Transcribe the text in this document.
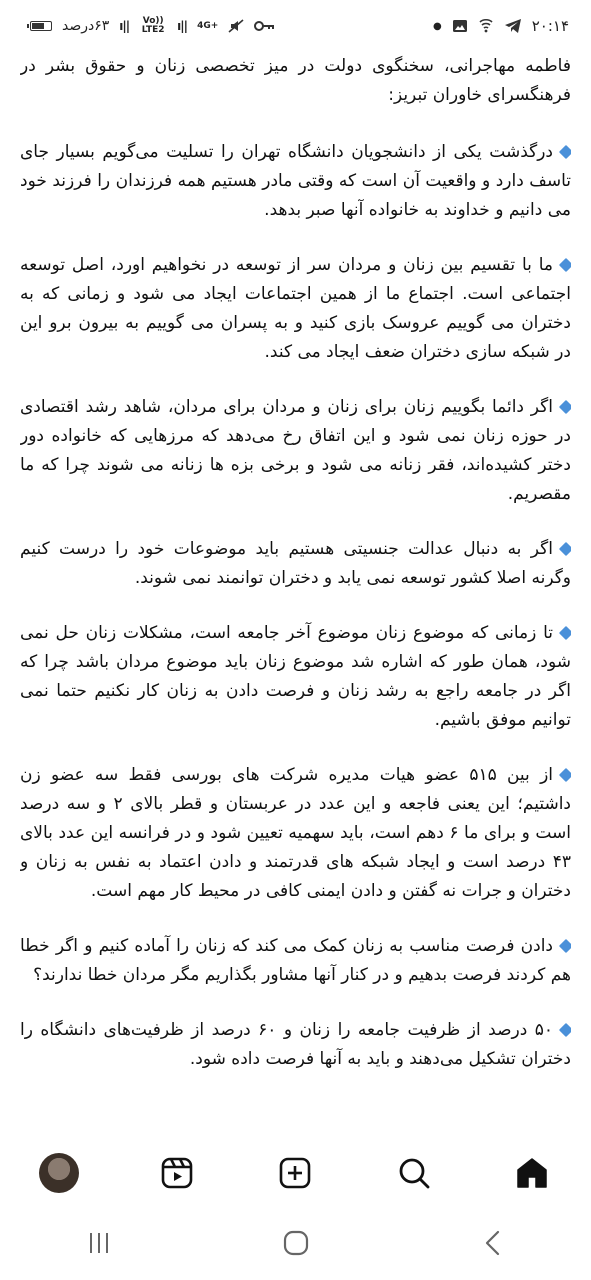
۶۳درصد ı||	Vo)) LTE2 ı|| 4G+	●	۲۰:۱۴

فاطمه مهاجرانی، سخنگوی دولت در میز تخصصی زنان و حقوق بشر در فرهنگسرای خاوران تبریز:

درگذشت یکی از دانشجویان دانشگاه تهران را تسلیت می‌گویم بسیار جای تاسف دارد و واقعیت آن است که وقتی مادر هستیم همه فرزندان را فرزند خود می دانیم و خداوند به خانواده آنها صبر بدهد.

ما با تقسیم بین زنان و مردان سر از توسعه در نخواهیم اورد، اصل توسعه اجتماعی است. اجتماع ما از همین اجتماعات ایجاد می شود و زمانی که به دختران می گوییم عروسک بازی کنید و به پسران می گوییم به بیرون برو این در شبکه سازی دختران ضعف ایجاد می کند.

اگر دائما بگوییم زنان برای زنان و مردان برای مردان، شاهد رشد اقتصادی در حوزه زنان نمی شود و این اتفاق رخ می‌دهد که مرزهایی که خانواده دور دختر کشیده‌اند، فقر زنانه می شود و برخی بزه ها زنانه می شوند چرا که ما مقصریم.

اگر به دنبال عدالت جنسیتی هستیم باید موضوعات خود را درست کنیم وگرنه اصلا کشور توسعه نمی یابد و دختران توانمند نمی شوند.

تا زمانی که موضوع زنان موضوع آخر جامعه است، مشکلات زنان حل نمی شود، همان طور که اشاره شد موضوع زنان باید موضوع مردان باشد چرا که اگر در جامعه راجع به رشد زنان و فرصت دادن به زنان کار نکنیم حتما نمی توانیم موفق باشیم.

از بین ۵۱۵ عضو هیات مدیره شرکت های بورسی فقط سه عضو زن داشتیم؛ این یعنی فاجعه و این عدد در عربستان و قطر بالای ۲ و سه درصد است و برای ما ۶ دهم است، باید سهمیه تعیین شود و در فرانسه این عدد بالای ۴۳ درصد است و ایجاد شبکه های قدرتمند و دادن اعتماد به نفس به زنان و دختران و جرات نه گفتن و دادن ایمنی کافی در محیط کار مهم است.

دادن فرصت مناسب به زنان کمک می کند که زنان را آماده کنیم و اگر خطا هم کردند فرصت بدهیم و در کنار آنها مشاور بگذاریم مگر مردان خطا ندارند؟

۵۰ درصد از ظرفیت جامعه را زنان و ۶۰ درصد از ظرفیت‌های دانشگاه را دختران تشکیل می‌دهند و باید به آنها فرصت داده شود.
